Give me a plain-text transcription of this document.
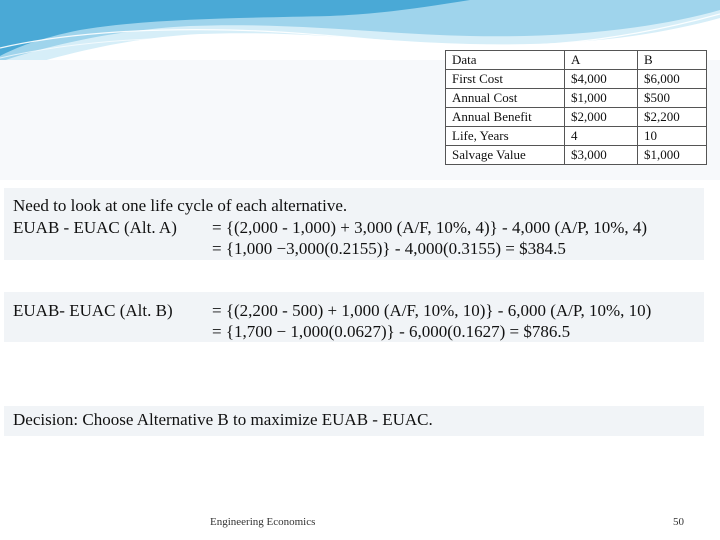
Data	A	B
First Cost	$4,000	$6,000
Annual Cost	$1,000	$500
Annual Benefit	$2,000	$2,200
Life, Years	4	10
Salvage Value	$3,000	$1,000
Need to look at one life cycle of each alternative.
EUAB - EUAC (Alt. A) = {(2,000 - 1,000) + 3,000 (A/F, 10%, 4)} - 4,000 (A/P, 10%, 4)
= {1,000 −3,000(0.2155)} - 4,000(0.3155) = $384.5
EUAB- EUAC (Alt. B) = {(2,200 - 500) + 1,000 (A/F, 10%, 10)} - 6,000 (A/P, 10%, 10)
= {1,700 − 1,000(0.0627)} - 6,000(0.1627) = $786.5
Decision: Choose Alternative B to maximize EUAB - EUAC.
Engineering Economics	50
